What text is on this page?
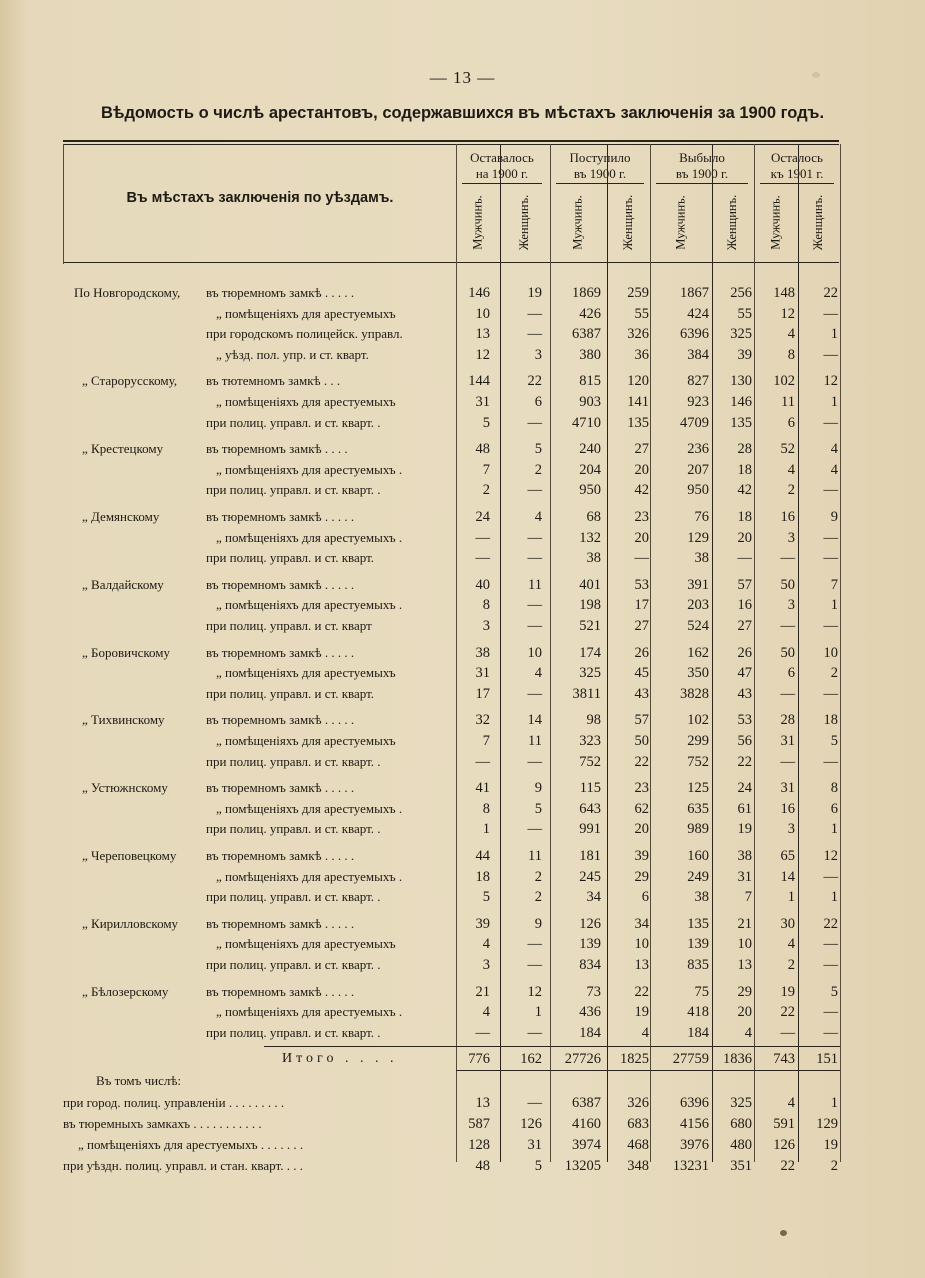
— 13 —
Вѣдомость о числѣ арестантовъ, содержавшихся въ мѣстахъ заключенія за 1900 годъ.
Въ мѣстахъ заключенія по уѣздамъ.
Оставалось
на 1900 г.
Поступило
въ 1900 г.
Выбыло
въ 1900 г.
Осталось
къ 1901 г.
Мужчинъ.	Женщинъ.	Мужчинъ.	Женщинъ.	Мужчинъ.	Женщинъ. Мужчинъ. Женщинъ.
По Новгородскому, въ тюремномъ замкѣ . . . . .	146	19 1869 259 1867 256 148 22
„ помѣщеніяхъ для арестуемыхъ	10	—	426 55	424 55 12 —
при городскомъ полицейск. управл.	13	— 6387 326 6396 325 4 1
„ уѣзд. пол. упр. и ст. кварт.	12	3	380 36	384 39 8 —
„ Старорусскому, въ тютемномъ замкѣ . . .	144	22	815 120	827 130 102 12
„ помѣщеніяхъ для арестуемыхъ	31	6	903 141	923 146 11 1
при полиц. управл. и ст. кварт. .	5	— 4710 135 4709 135 6 —
„ Крестецкому	въ тюремномъ замкѣ . . . .	48	5	240 27	236 28 52 4
„ помѣщеніяхъ для арестуемыхъ .	7	2	204 20	207 18 4 4
при полиц. управл. и ст. кварт. .	2	—	950 42	950 42 2 —
„ Демянскому	въ тюремномъ замкѣ . . . . .	24	4	68 23	76 18 16 9
„ помѣщеніяхъ для арестуемыхъ .	—	—	132 20	129 20 3 —
при полиц. управл. и ст. кварт.	—	—	38 —	38 — — —
„ Валдайскому	въ тюремномъ замкѣ . . . . .	40	11	401 53	391 57 50 7
„ помѣщеніяхъ для арестуемыхъ .	8	—	198 17	203 16 3 1
при полиц. управл. и ст. кварт	3	—	521 27	524 27 — —
„ Боровичскому	въ тюремномъ замкѣ . . . . .	38	10	174 26	162 26 50 10
„ помѣщеніяхъ для арестуемыхъ	31	4	325 45	350 47 6 2
при полиц. управл. и ст. кварт.	17	— 3811 43 3828 43 — —
„ Тихвинскому	въ тюремномъ замкѣ . . . . .	32	14	98 57	102 53 28 18
„ помѣщеніяхъ для арестуемыхъ	7	11	323 50	299 56 31 5
при полиц. управл. и ст. кварт. .	—	—	752 22	752 22 — —
„ Устюжнскому	въ тюремномъ замкѣ . . . . .	41	9	115 23	125 24 31 8
„ помѣщеніяхъ для арестуемыхъ .	8	5	643 62	635 61 16 6
при полиц. управл. и ст. кварт. .	1	—	991 20	989 19 3 1
„ Череповецкому въ тюремномъ замкѣ . . . . .	44	11	181 39	160 38 65 12
„ помѣщеніяхъ для арестуемыхъ .	18	2	245 29	249 31 14 —
при полиц. управл. и ст. кварт. .	5	2	34	6	38 7 1 1
„ Кирилловскому въ тюремномъ замкѣ . . . . .	39	9	126 34	135 21 30 22
„ помѣщеніяхъ для арестуемыхъ	4	—	139 10	139 10 4 —
при полиц. управл. и ст. кварт. .	3	—	834 13	835 13 2 —
„ Бѣлозерскому	въ тюремномъ замкѣ . . . . .	21	12	73 22	75 29 19 5
„ помѣщеніяхъ для арестуемыхъ .	4	1	436 19	418 20 22 —
при полиц. управл. и ст. кварт. .	—	—	184	4	184 4 — —
Итого . . . .	776 162 27726 1825 27759 1836 743 151
Въ томъ числѣ:
при город. полиц. управленіи . . . . . . . . .	13	— 6387 326 6396 325 4 1
въ тюремныхъ замкахъ . . . . . . . . . . .	587 126 4160 683 4156 680 591 129
„ помѣщеніяхъ для арестуемыхъ . . . . . . .	128	31 3974 468 3976 480 126 19
при уѣздн. полиц. управл. и стан. кварт. . . .	48	5 13205 348 13231 351 22 2
